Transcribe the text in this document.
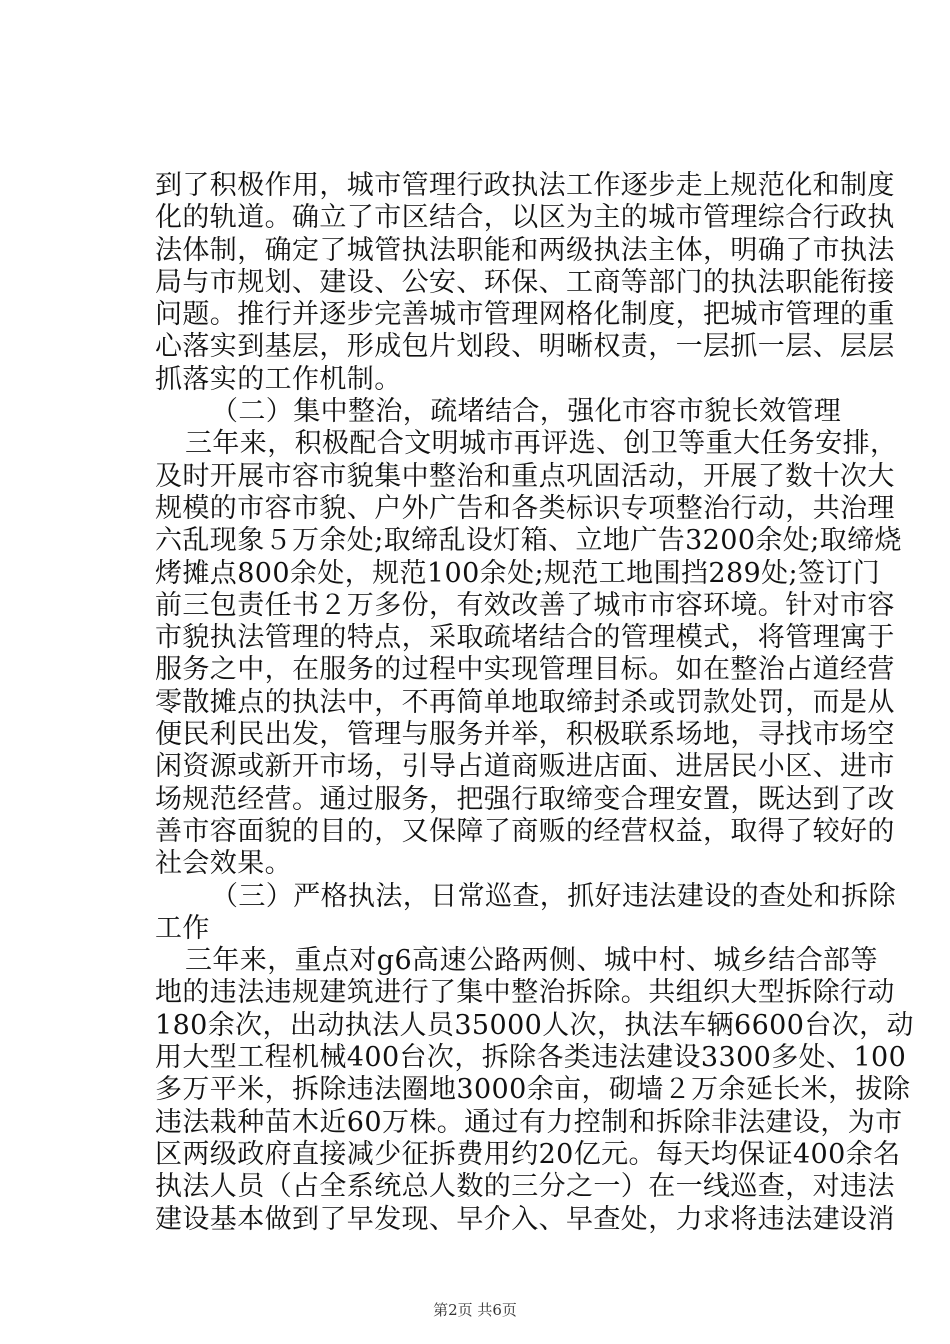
到了积极作用，城市管理行政执法工作逐步走上规范化和制度
化的轨道。确立了市区结合，以区为主的城市管理综合行政执
法体制，确定了城管执法职能和两级执法主体，明确了市执法
局与市规划、建设、公安、环保、工商等部门的执法职能衔接
问题。推行并逐步完善城市管理网格化制度，把城市管理的重
心落实到基层，形成包片划段、明晰权责，一层抓一层、层层
抓落实的工作机制。
（二）集中整治，疏堵结合，强化市容市貌长效管理
三年来，积极配合文明城市再评选、创卫等重大任务安排，
及时开展市容市貌集中整治和重点巩固活动，开展了数十次大
规模的市容市貌、户外广告和各类标识专项整治行动，共治理
六乱现象５万余处;取缔乱设灯箱、立地广告3200余处;取缔烧
烤摊点800余处，规范100余处;规范工地围挡289处;签订门
前三包责任书２万多份，有效改善了城市市容环境。针对市容
市貌执法管理的特点，采取疏堵结合的管理模式，将管理寓于
服务之中，在服务的过程中实现管理目标。如在整治占道经营
零散摊点的执法中，不再简单地取缔封杀或罚款处罚，而是从
便民利民出发，管理与服务并举，积极联系场地，寻找市场空
闲资源或新开市场，引导占道商贩进店面、进居民小区、进市
场规范经营。通过服务，把强行取缔变合理安置，既达到了改
善市容面貌的目的，又保障了商贩的经营权益，取得了较好的
社会效果。
（三）严格执法，日常巡查，抓好违法建设的查处和拆除
工作
三年来，重点对g6高速公路两侧、城中村、城乡结合部等
地的违法违规建筑进行了集中整治拆除。共组织大型拆除行动
180余次，出动执法人员35000人次，执法车辆6600台次，动
用大型工程机械400台次，拆除各类违法建设3300多处、100
多万平米，拆除违法圈地3000余亩，砌墙２万余延长米，拔除
违法栽种苗木近60万株。通过有力控制和拆除非法建设，为市
区两级政府直接减少征拆费用约20亿元。每天均保证400余名
执法人员（占全系统总人数的三分之一）在一线巡查，对违法
建设基本做到了早发现、早介入、早查处，力求将违法建设消
第2页 共6页
